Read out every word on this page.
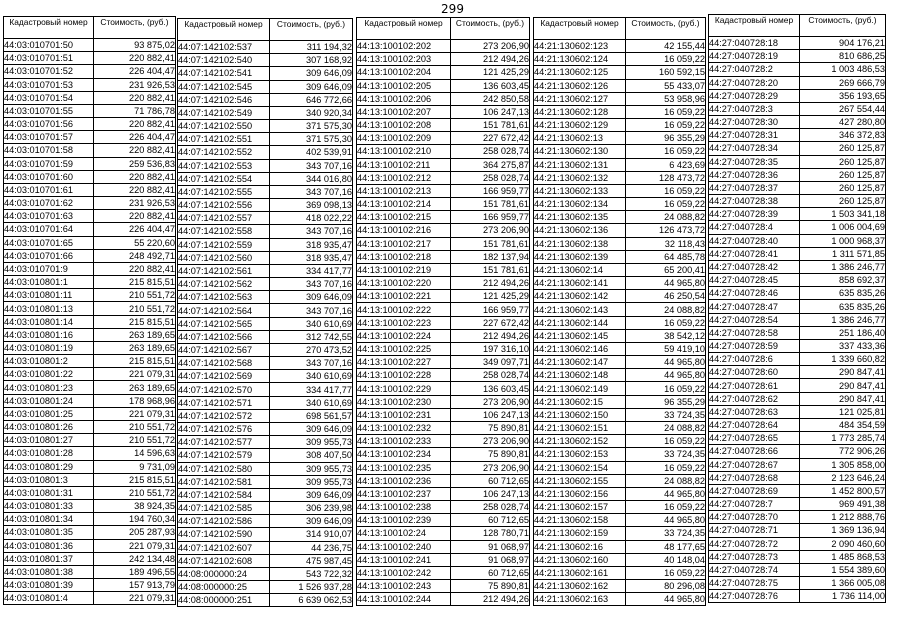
299
Кадастровый номер	Стоимость, (руб.)
44:03:010701:50	93 875,02
44:03:010701:51	220 882,41
44:03:010701:52	226 404,47
44:03:010701:53	231 926,53
44:03:010701:54	220 882,41
44:03:010701:55	71 786,78
44:03:010701:56	220 882,41
44:03:010701:57	226 404,47
44:03:010701:58	220 882,41
44:03:010701:59	259 536,83
44:03:010701:60	220 882,41
44:03:010701:61	220 882,41
44:03:010701:62	231 926,53
44:03:010701:63	220 882,41
44:03:010701:64	226 404,47
44:03:010701:65	55 220,60
44:03:010701:66	248 492,71
44:03:010701:9	220 882,41
44:03:010801:1	215 815,51
44:03:010801:11	210 551,72
44:03:010801:13	210 551,72
44:03:010801:14	215 815,51
44:03:010801:16	263 189,65
44:03:010801:19	263 189,65
44:03:010801:2	215 815,51
44:03:010801:22	221 079,31
44:03:010801:23	263 189,65
44:03:010801:24	178 968,96
44:03:010801:25	221 079,31
44:03:010801:26	210 551,72
44:03:010801:27	210 551,72
44:03:010801:28	14 596,63
44:03:010801:29	9 731,09
44:03:010801:3	215 815,51
44:03:010801:31	210 551,72
44:03:010801:33	38 924,35
44:03:010801:34	194 760,34
44:03:010801:35	205 287,93
44:03:010801:36	221 079,31
44:03:010801:37	242 134,48
44:03:010801:38	189 496,55
44:03:010801:39	157 913,79
44:03:010801:4	221 079,31
Кадастровый номер	Стоимость, (руб.)
44:07:142102:537	311 194,32
44:07:142102:540	307 168,92
44:07:142102:541	309 646,09
44:07:142102:545	309 646,09
44:07:142102:546	646 772,66
44:07:142102:549	340 920,34
44:07:142102:550	371 575,30
44:07:142102:551	371 575,30
44:07:142102:552	402 539,91
44:07:142102:553	343 707,16
44:07:142102:554	344 016,80
44:07:142102:555	343 707,16
44:07:142102:556	369 098,13
44:07:142102:557	418 022,22
44:07:142102:558	343 707,16
44:07:142102:559	318 935,47
44:07:142102:560	318 935,47
44:07:142102:561	334 417,77
44:07:142102:562	343 707,16
44:07:142102:563	309 646,09
44:07:142102:564	343 707,16
44:07:142102:565	340 610,69
44:07:142102:566	312 742,55
44:07:142102:567	270 473,52
44:07:142102:568	343 707,16
44:07:142102:569	340 610,69
44:07:142102:570	334 417,77
44:07:142102:571	340 610,69
44:07:142102:572	698 561,57
44:07:142102:576	309 646,09
44:07:142102:577	309 955,73
44:07:142102:579	308 407,50
44:07:142102:580	309 955,73
44:07:142102:581	309 955,73
44:07:142102:584	309 646,09
44:07:142102:585	306 239,98
44:07:142102:586	309 646,09
44:07:142102:590	314 910,07
44:07:142102:607	44 236,75
44:07:142102:608	475 987,45
44:08:000000:24	543 722,32
44:08:000000:25	1 526 937,28
44:08:000000:251	6 639 062,53
Кадастровый номер	Стоимость, (руб.)
44:13:100102:202	273 206,90
44:13:100102:203	212 494,26
44:13:100102:204	121 425,29
44:13:100102:205	136 603,45
44:13:100102:206	242 850,58
44:13:100102:207	106 247,13
44:13:100102:208	151 781,61
44:13:100102:209	227 672,42
44:13:100102:210	258 028,74
44:13:100102:211	364 275,87
44:13:100102:212	258 028,74
44:13:100102:213	166 959,77
44:13:100102:214	151 781,61
44:13:100102:215	166 959,77
44:13:100102:216	273 206,90
44:13:100102:217	151 781,61
44:13:100102:218	182 137,94
44:13:100102:219	151 781,61
44:13:100102:220	212 494,26
44:13:100102:221	121 425,29
44:13:100102:222	166 959,77
44:13:100102:223	227 672,42
44:13:100102:224	212 494,26
44:13:100102:225	197 316,10
44:13:100102:227	349 097,71
44:13:100102:228	258 028,74
44:13:100102:229	136 603,45
44:13:100102:230	273 206,90
44:13:100102:231	106 247,13
44:13:100102:232	75 890,81
44:13:100102:233	273 206,90
44:13:100102:234	75 890,81
44:13:100102:235	273 206,90
44:13:100102:236	60 712,65
44:13:100102:237	106 247,13
44:13:100102:238	258 028,74
44:13:100102:239	60 712,65
44:13:100102:24	128 780,71
44:13:100102:240	91 068,97
44:13:100102:241	91 068,97
44:13:100102:242	60 712,65
44:13:100102:243	75 890,81
44:13:100102:244	212 494,26
Кадастровый номер	Стоимость, (руб.)
44:21:130602:123	42 155,44
44:21:130602:124	16 059,22
44:21:130602:125	160 592,15
44:21:130602:126	55 433,07
44:21:130602:127	53 958,96
44:21:130602:128	16 059,22
44:21:130602:129	16 059,22
44:21:130602:13	96 355,29
44:21:130602:130	16 059,22
44:21:130602:131	6 423,69
44:21:130602:132	128 473,72
44:21:130602:133	16 059,22
44:21:130602:134	16 059,22
44:21:130602:135	24 088,82
44:21:130602:136	126 473,72
44:21:130602:138	32 118,43
44:21:130602:139	64 485,78
44:21:130602:14	65 200,41
44:21:130602:141	44 965,80
44:21:130602:142	46 250,54
44:21:130602:143	24 088,82
44:21:130602:144	16 059,22
44:21:130602:145	38 542,12
44:21:130602:146	59 419,10
44:21:130602:147	44 965,80
44:21:130602:148	44 965,80
44:21:130602:149	16 059,22
44:21:130602:15	96 355,29
44:21:130602:150	33 724,35
44:21:130602:151	24 088,82
44:21:130602:152	16 059,22
44:21:130602:153	33 724,35
44:21:130602:154	16 059,22
44:21:130602:155	24 088,82
44:21:130602:156	44 965,80
44:21:130602:157	16 059,22
44:21:130602:158	44 965,80
44:21:130602:159	33 724,35
44:21:130602:16	48 177,65
44:21:130602:160	40 148,04
44:21:130602:161	16 059,22
44:21:130602:162	80 296,08
44:21:130602:163	44 965,80
Кадастровый номер	Стоимость, (руб.)
44:27:040728:18	904 176,21
44:27:040728:19	810 686,25
44:27:040728:2	1 003 486,53
44:27:040728:20	269 666,79
44:27:040728:29	356 193,65
44:27:040728:3	267 554,44
44:27:040728:30	427 280,80
44:27:040728:31	346 372,83
44:27:040728:34	260 125,87
44:27:040728:35	260 125,87
44:27:040728:36	260 125,87
44:27:040728:37	260 125,87
44:27:040728:38	260 125,87
44:27:040728:39	1 503 341,18
44:27:040728:4	1 006 004,69
44:27:040728:40	1 000 968,37
44:27:040728:41	1 311 571,85
44:27:040728:42	1 386 246,77
44:27:040728:45	858 692,37
44:27:040728:46	635 835,26
44:27:040728:47	635 835,26
44:27:040728:54	1 386 246,77
44:27:040728:58	251 186,40
44:27:040728:59	337 433,36
44:27:040728:6	1 339 660,82
44:27:040728:60	290 847,41
44:27:040728:61	290 847,41
44:27:040728:62	290 847,41
44:27:040728:63	121 025,81
44:27:040728:64	484 354,59
44:27:040728:65	1 773 285,74
44:27:040728:66	772 906,26
44:27:040728:67	1 305 858,00
44:27:040728:68	2 123 646,24
44:27:040728:69	1 452 800,57
44:27:040728:7	969 491,38
44:27:040728:70	1 212 888,76
44:27:040728:71	1 369 136,94
44:27:040728:72	2 090 460,60
44:27:040728:73	1 485 868,53
44:27:040728:74	1 554 389,60
44:27:040728:75	1 366 005,08
44:27:040728:76	1 736 114,00
